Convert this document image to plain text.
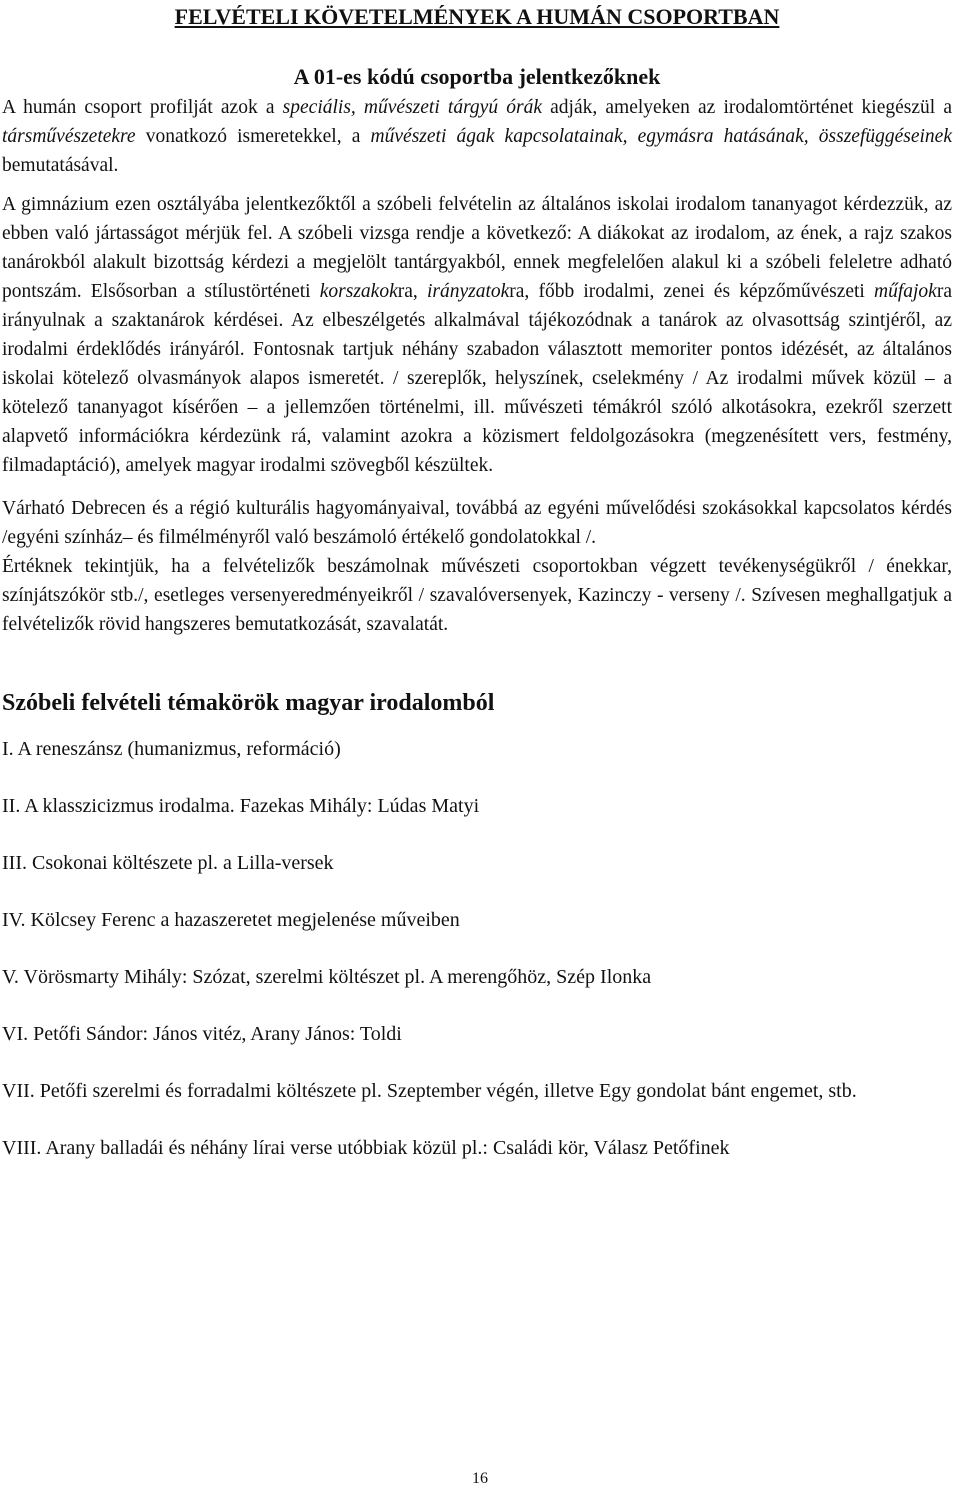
FELVÉTELI KÖVETELMÉNYEK A HUMÁN CSOPORTBAN
A 01-es kódú csoportba jelentkezőknek

A humán csoport profilját azok a speciális, művészeti tárgyú órák adják, amelyeken az irodalomtörténet kiegészül a társművészetekre vonatkozó ismeretekkel, a művészeti ágak kapcsolatainak, egymásra hatásának, összefüggéseinek bemutatásával.

A gimnázium ezen osztályába jelentkezőktől a szóbeli felvételin az általános iskolai irodalom tananyagot kérdezzük, az ebben való jártasságot mérjük fel. A szóbeli vizsga rendje a következő: A diákokat az irodalom, az ének, a rajz szakos tanárokból alakult bizottság kérdezi a megjelölt tantárgyakból, ennek megfelelően alakul ki a szóbeli feleletre adható pontszám. Elsősorban a stílustörténeti korszakokra, irányzatokra, főbb irodalmi, zenei és képzőművészeti műfajokra irányulnak a szaktanárok kérdései. Az elbeszélgetés alkalmával tájékozódnak a tanárok az olvasottság szintjéről, az irodalmi érdeklődés irányáról. Fontosnak tartjuk néhány szabadon választott memoriter pontos idézését, az általános iskolai kötelező olvasmányok alapos ismeretét. / szereplők, helyszínek, cselekmény / Az irodalmi művek közül – a kötelező tananyagot kísérően – a jellemzően történelmi, ill. művészeti témákról szóló alkotásokra, ezekről szerzett alapvető információkra kérdezünk rá, valamint azokra a közismert feldolgozásokra (megzenésített vers, festmény, filmadaptáció), amelyek magyar irodalmi szövegből készültek.

Várható Debrecen és a régió kulturális hagyományaival, továbbá az egyéni művelődési szokásokkal kapcsolatos kérdés /egyéni színház– és filmélményről való beszámoló értékelő gondolatokkal /.

Értéknek tekintjük, ha a felvételizők beszámolnak művészeti csoportokban végzett tevékenységükről / énekkar, színjátszókör stb./, esetleges versenyeredményeikről / szavalóversenyek, Kazinczy - verseny /. Szívesen meghallgatjuk a felvételizők rövid hangszeres bemutatkozását, szavalatát.

Szóbeli felvételi témakörök magyar irodalomból
I. A reneszánsz (humanizmus, reformáció)
II. A klasszicizmus irodalma. Fazekas Mihály: Lúdas Matyi
III. Csokonai költészete pl. a Lilla-versek
IV. Kölcsey Ferenc a hazaszeretet megjelenése műveiben
V. Vörösmarty Mihály: Szózat, szerelmi költészet pl. A merengőhöz, Szép Ilonka
VI. Petőfi Sándor: János vitéz, Arany János: Toldi
VII. Petőfi szerelmi és forradalmi költészete pl. Szeptember végén, illetve Egy gondolat bánt engemet, stb.
VIII. Arany balladái és néhány lírai verse utóbbiak közül pl.: Családi kör, Válasz Petőfinek
16
